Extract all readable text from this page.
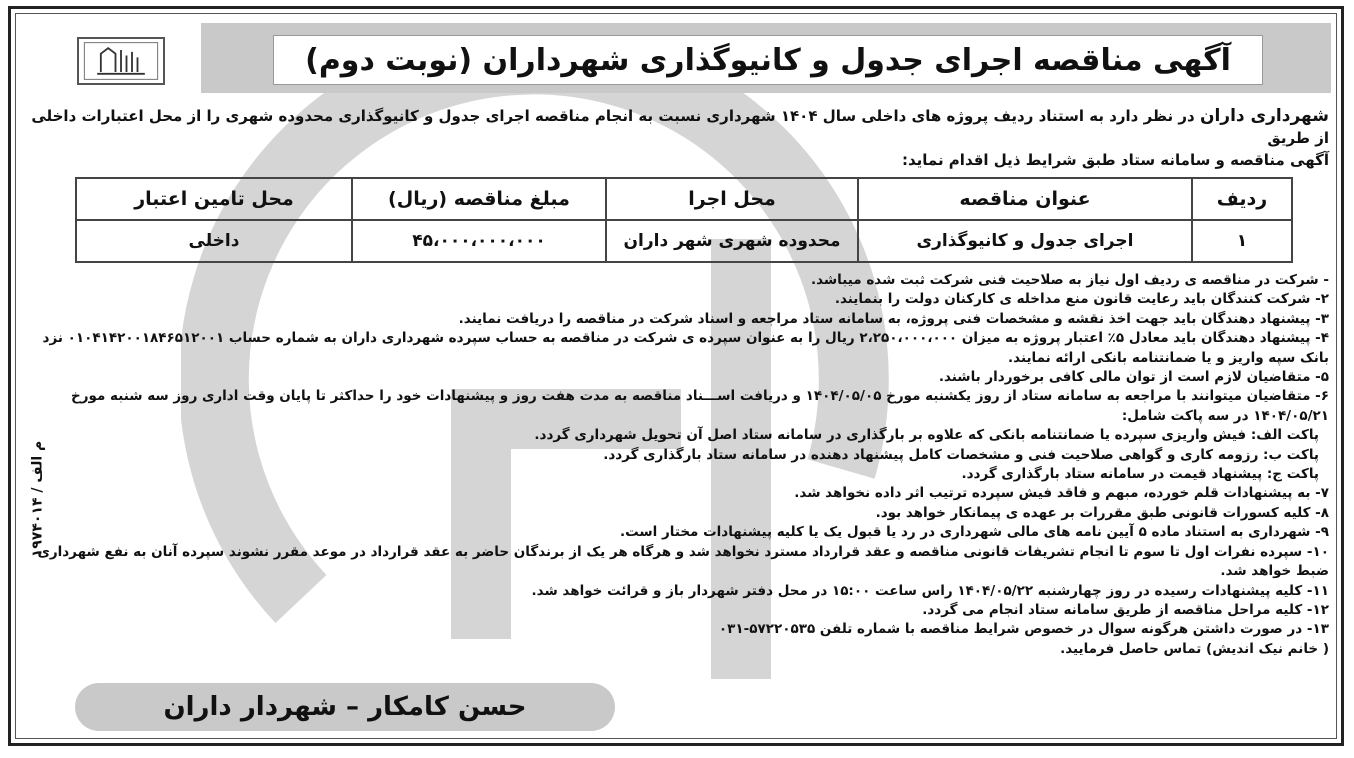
آگهی مناقصه اجرای جدول و کانیوگذاری شهرداران (نوبت دوم)
شهرداری داران در نظر دارد به استناد ردیف پروژه های داخلی سال ۱۴۰۴ شهرداری نسبت به انجام مناقصه اجرای جدول و کانیوگذاری محدوده شهری را از محل اعتبارات داخلی از طریق
آگهی مناقصه و سامانه ستاد طبق شرایط ذیل اقدام نماید:
ردیف	عنوان مناقصه	محل اجرا	مبلغ مناقصه (ریال)	محل تامین اعتبار
۱	اجرای جدول و کانیوگذاری	محدوده شهری شهر داران	۴۵،۰۰۰،۰۰۰،۰۰۰	داخلی
- شرکت در مناقصه ی ردیف اول نیاز به صلاحیت فنی شرکت ثبت شده میباشد.
۲- شرکت کنندگان باید رعایت قانون منع مداخله ی کارکنان دولت را بنمایند.
۳- پیشنهاد دهندگان باید جهت اخذ نقشه و مشخصات فنی پروژه، به سامانه ستاد مراجعه و اسناد شرکت در مناقصه را دریافت نمایند.
۴- پیشنهاد دهندگان باید معادل ۵٪ اعتبار پروژه به میزان ۲،۲۵۰،۰۰۰،۰۰۰ ریال را به عنوان سپرده ی شرکت در مناقصه به حساب سپرده شهرداری داران به شماره حساب ۰۱۰۴۱۴۲۰۰۱۸۴۶۵۱۲۰۰۱ نزد
بانک سپه واریز و یا ضمانتنامه بانکی ارائه نمایند.
۵- متقاضیان لازم است از توان مالی کافی برخوردار باشند.
۶- متقاضیان میتوانند با مراجعه به سامانه ستاد از روز یکشنبه مورخ ۱۴۰۴/۰۵/۰۵ و دریافت اســـناد مناقصه به مدت هفت روز و پیشنهادات خود را حداکثر تا پایان وقت اداری روز سه شنبه مورخ
۱۴۰۴/۰۵/۲۱ در سه پاکت شامل:
پاکت الف: فیش واریزی سپرده یا ضمانتنامه بانکی که علاوه بر بارگذاری در سامانه ستاد اصل آن تحویل شهرداری گردد.
پاکت ب: رزومه کاری و گواهی صلاحیت فنی و مشخصات کامل پیشنهاد دهنده در سامانه ستاد بارگذاری گردد.
پاکت ج: پیشنهاد قیمت در سامانه ستاد بارگذاری گردد.
۷- به پیشنهادات قلم خورده، مبهم و فاقد فیش سپرده ترتیب اثر داده نخواهد شد.
۸- کلیه کسورات قانونی طبق مقررات بر عهده ی پیمانکار خواهد بود.
۹- شهرداری به استناد ماده ۵ آیین نامه های مالی شهرداری در رد یا قبول یک یا کلیه پیشنهادات مختار است.
۱۰- سپرده نفرات اول تا سوم تا انجام تشریفات قانونی مناقصه و عقد قرارداد مسترد نخواهد شد و هرگاه هر یک از برندگان حاضر به عقد قرارداد در موعد مقرر نشوند سپرده آنان به نفع شهرداری ضبط خواهد شد.
۱۱- کلیه پیشنهادات رسیده در روز چهارشنبه ۱۴۰۴/۰۵/۲۲ راس ساعت ۱۵:۰۰ در محل دفتر شهردار باز و قرائت خواهد شد.
۱۲- کلیه مراحل مناقصه از طریق سامانه ستاد انجام می گردد.
۱۳- در صورت داشتن هرگونه سوال در خصوص شرایط مناقصه با شماره تلفن ۵۷۲۲۰۵۳۵-۰۳۱
( خانم نیک اندیش) تماس حاصل فرمایید.
م الف / ۱۹۷۴۰۱۴
حسن کامکار – شهردار داران
